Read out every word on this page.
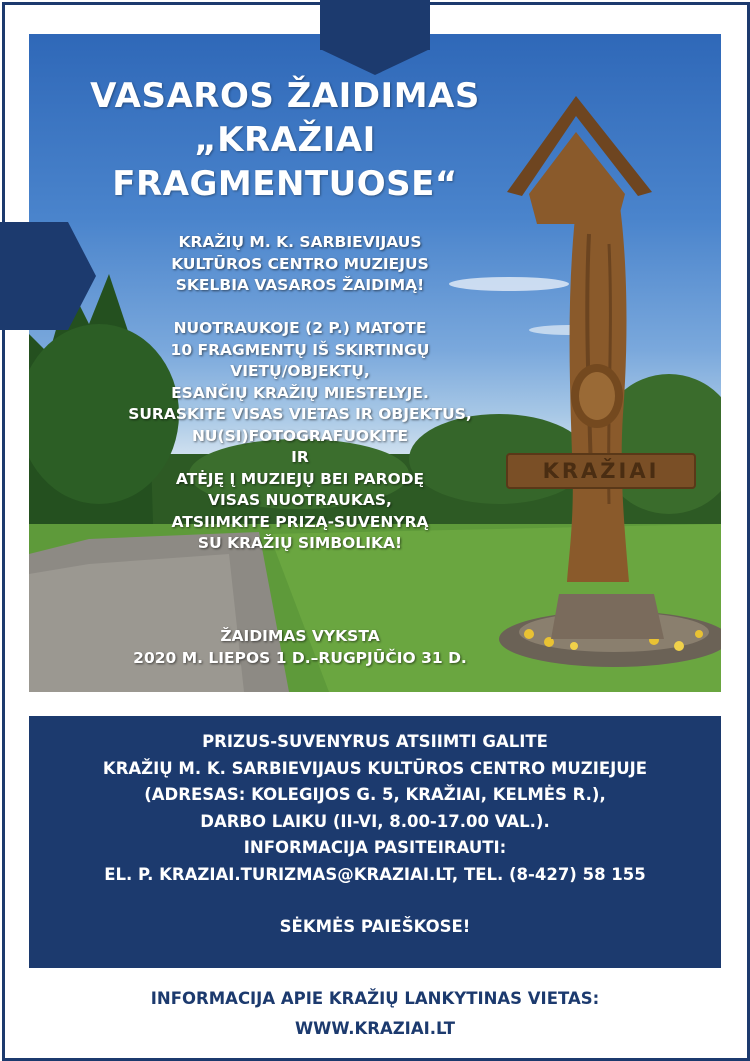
KRAŽIAI
VASAROS ŽAIDIMAS
„KRAŽIAI
FRAGMENTUOSE“
KRAŽIŲ M. K. SARBIEVIJAUS
KULTŪROS CENTRO MUZIEJUS
SKELBIA VASAROS ŽAIDIMĄ!
NUOTRAUKOJE (2 P.) MATOTE
10 FRAGMENTŲ IŠ SKIRTINGŲ
VIETŲ/OBJEKTŲ,
ESANČIŲ KRAŽIŲ MIESTELYJE.
SURASKITE VISAS VIETAS IR OBJEKTUS,
NU(SI)FOTOGRAFUOKITE
IR
ATĖJĘ Į MUZIEJŲ BEI PARODĘ
VISAS NUOTRAUKAS,
ATSIIMKITE PRIZĄ-SUVENYRĄ
SU KRAŽIŲ SIMBOLIKA!
ŽAIDIMAS VYKSTA
2020 M. LIEPOS 1 D.–RUGPJŪČIO 31 D.
PRIZUS-SUVENYRUS ATSIIMTI GALITE
KRAŽIŲ M. K. SARBIEVIJAUS KULTŪROS CENTRO MUZIEJUJE
(ADRESAS: KOLEGIJOS G. 5, KRAŽIAI, KELMĖS R.),
DARBO LAIKU (II-VI, 8.00-17.00 VAL.).
INFORMACIJA PASITEIRAUTI:
EL. P. KRAZIAI.TURIZMAS@KRAZIAI.LT, TEL. (8-427) 58 155
SĖKMĖS PAIEŠKOSE!
INFORMACIJA APIE KRAŽIŲ LANKYTINAS VIETAS:
WWW.KRAZIAI.LT
